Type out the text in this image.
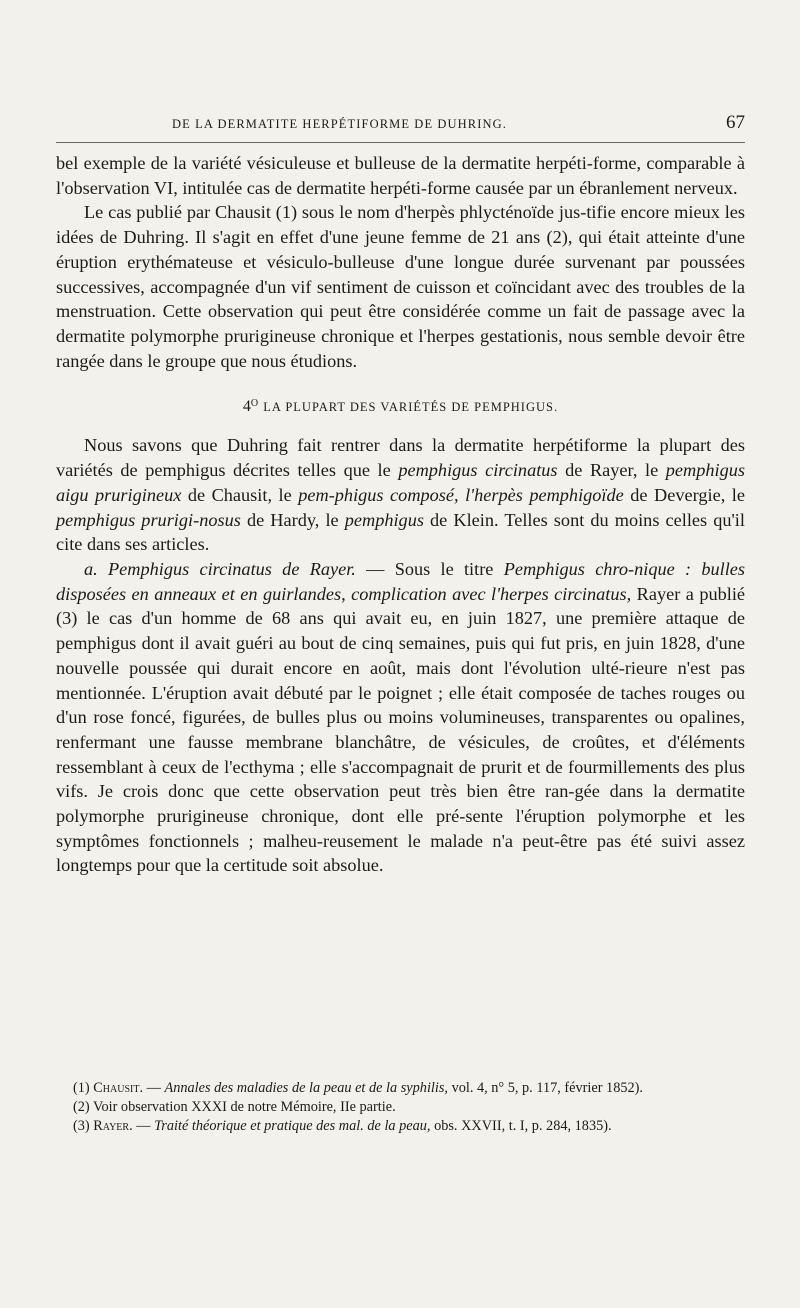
DE LA DERMATITE HERPÉTIFORME DE DUHRING.	67

bel exemple de la variété vésiculeuse et bulleuse de la dermatite herpéti-forme, comparable à l'observation VI, intitulée cas de dermatite herpéti-forme causée par un ébranlement nerveux.

Le cas publié par Chausit (1) sous le nom d'herpès phlycténoïde jus-tifie encore mieux les idées de Duhring. Il s'agit en effet d'une jeune femme de 21 ans (2), qui était atteinte d'une éruption erythémateuse et vésiculo-bulleuse d'une longue durée survenant par poussées successives, accompagnée d'un vif sentiment de cuisson et coïncidant avec des troubles de la menstruation. Cette observation qui peut être considérée comme un fait de passage avec la dermatite polymorphe prurigineuse chronique et l'herpes gestationis, nous semble devoir être rangée dans le groupe que nous étudions.

$4^O$ LA PLUPART DES VARIÉTÉS DE PEMPHIGUS.

Nous savons que Duhring fait rentrer dans la dermatite herpétiforme la plupart des variétés de pemphigus décrites telles que le pemphigus circinatus de Rayer, le pemphigus aigu prurigineux de Chausit, le pem-phigus composé, l'herpès pemphigoïde de Devergie, le pemphigus prurigi-nosus de Hardy, le pemphigus de Klein. Telles sont du moins celles qu'il cite dans ses articles.

a. Pemphigus circinatus de Rayer. — Sous le titre Pemphigus chro-nique : bulles disposées en anneaux et en guirlandes, complication avec l'herpes circinatus, Rayer a publié (3) le cas d'un homme de 68 ans qui avait eu, en juin 1827, une première attaque de pemphigus dont il avait guéri au bout de cinq semaines, puis qui fut pris, en juin 1828, d'une nouvelle poussée qui durait encore en août, mais dont l'évolution ulté-rieure n'est pas mentionnée. L'éruption avait débuté par le poignet ; elle était composée de taches rouges ou d'un rose foncé, figurées, de bulles plus ou moins volumineuses, transparentes ou opalines, renfermant une fausse membrane blanchâtre, de vésicules, de croûtes, et d'éléments ressemblant à ceux de l'ecthyma ; elle s'accompagnait de prurit et de fourmillements des plus vifs. Je crois donc que cette observation peut très bien être ran-gée dans la dermatite polymorphe prurigineuse chronique, dont elle pré-sente l'éruption polymorphe et les symptômes fonctionnels ; malheu-reusement le malade n'a peut-être pas été suivi assez longtemps pour que la certitude soit absolue.

(1) Chausit. — Annales des maladies de la peau et de la syphilis, vol. 4, n° 5, p. 117, février 1852).

(2) Voir observation XXXI de notre Mémoire, IIe partie.

(3) Rayer. — Traité théorique et pratique des mal. de la peau, obs. XXVII, t. I, p. 284, 1835).
